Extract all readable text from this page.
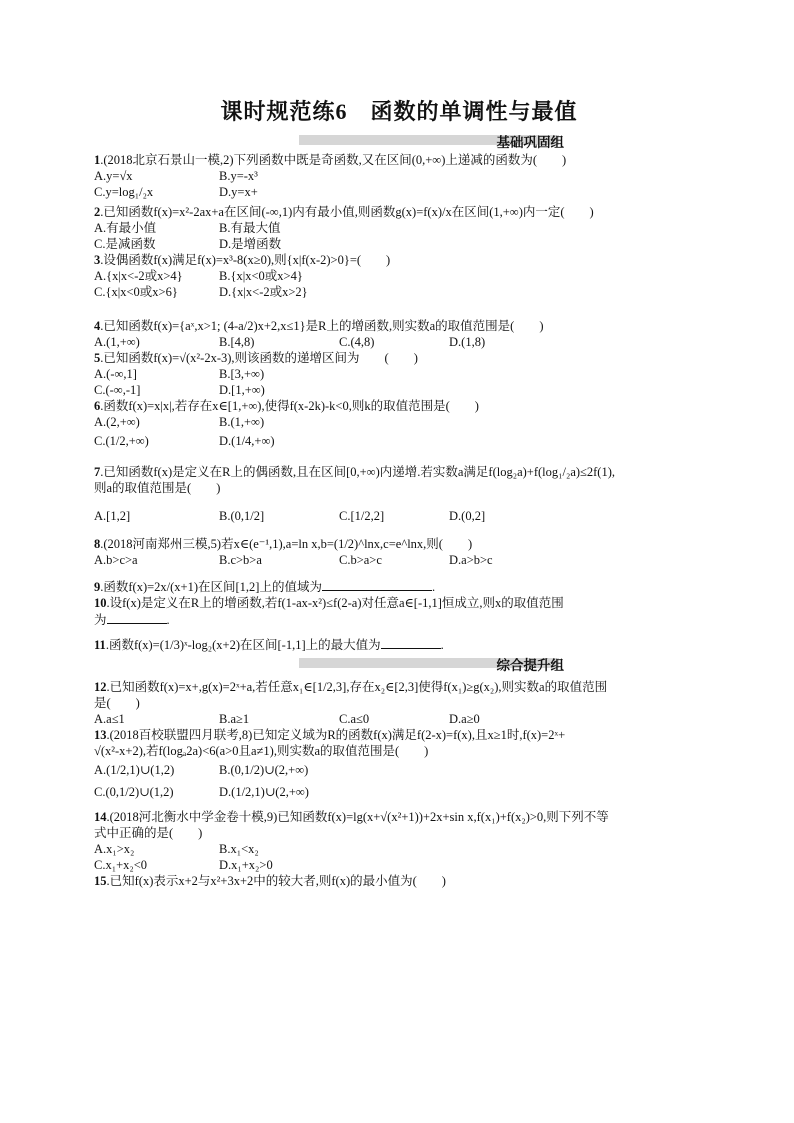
课时规范练6　函数的单调性与最值
基础巩固组
1.(2018北京石景山一模,2)下列函数中既是奇函数,又在区间(0,+∞)上递减的函数为(　　)
A.y=√x	B.y=-x³
C.y=log₁/₂x	D.y=x+
2.已知函数f(x)=x²-2ax+a在区间(-∞,1)内有最小值,则函数g(x)=f(x)/x在区间(1,+∞)内一定(　　)
A.有最小值	B.有最大值
C.是减函数	D.是增函数
3.设偶函数f(x)满足f(x)=x³-8(x≥0),则{x|f(x-2)>0}=(　　)
A.{x|x<-2或x>4}	B.{x|x<0或x>4}
C.{x|x<0或x>6}	D.{x|x<-2或x>2}
4.已知函数f(x)={aˣ,x>1; (4-a/2)x+2,x≤1}是R上的增函数,则实数a的取值范围是(　　)
A.(1,+∞)	B.[4,8)	C.(4,8)	D.(1,8)
5.已知函数f(x)=√(x²-2x-3),则该函数的递增区间为　　(　　)
A.(-∞,1]	B.[3,+∞)
C.(-∞,-1]	D.[1,+∞)
6.函数f(x)=x|x|,若存在x∈[1,+∞),使得f(x-2k)-k<0,则k的取值范围是(　　)
A.(2,+∞)	B.(1,+∞)
C.(1/2,+∞)	D.(1/4,+∞)
7.已知函数f(x)是定义在R上的偶函数,且在区间[0,+∞)内递增.若实数a满足f(log₂a)+f(log₁/₂a)≤2f(1),
则a的取值范围是(　　)
A.[1,2]	B.(0,1/2]	C.[1/2,2]	D.(0,2]
8.(2018河南郑州三模,5)若x∈(e⁻¹,1),a=ln x,b=(1/2)^lnx,c=e^lnx,则(　　)
A.b>c>a	B.c>b>a	C.b>a>c	D.a>b>c
9.函数f(x)=2x/(x+1)在区间[1,2]上的值域为	.
10.设f(x)是定义在R上的增函数,若f(1-ax-x²)≤f(2-a)对任意a∈[-1,1]恒成立,则x的取值范围
为	.
11.函数f(x)=(1/3)ˣ-log₂(x+2)在区间[-1,1]上的最大值为	.
综合提升组
12.已知函数f(x)=x+,g(x)=2ˣ+a,若任意x₁∈[1/2,3],存在x₂∈[2,3]使得f(x₁)≥g(x₂),则实数a的取值范围
是(　　)
A.a≤1	B.a≥1	C.a≤0	D.a≥0
13.(2018百校联盟四月联考,8)已知定义域为R的函数f(x)满足f(2-x)=f(x),且x≥1时,f(x)=2ˣ+
√(x²-x+2),若f(logₐ2a)<6(a>0且a≠1),则实数a的取值范围是(　　)
A.(1/2,1)∪(1,2)	B.(0,1/2)∪(2,+∞)
C.(0,1/2)∪(1,2)	D.(1/2,1)∪(2,+∞)
14.(2018河北衡水中学金卷十模,9)已知函数f(x)=lg(x+√(x²+1))+2x+sin x,f(x₁)+f(x₂)>0,则下列不等
式中正确的是(　　)
A.x₁>x₂	B.x₁<x₂
C.x₁+x₂<0	D.x₁+x₂>0
15.已知f(x)表示x+2与x²+3x+2中的较大者,则f(x)的最小值为(　　)
